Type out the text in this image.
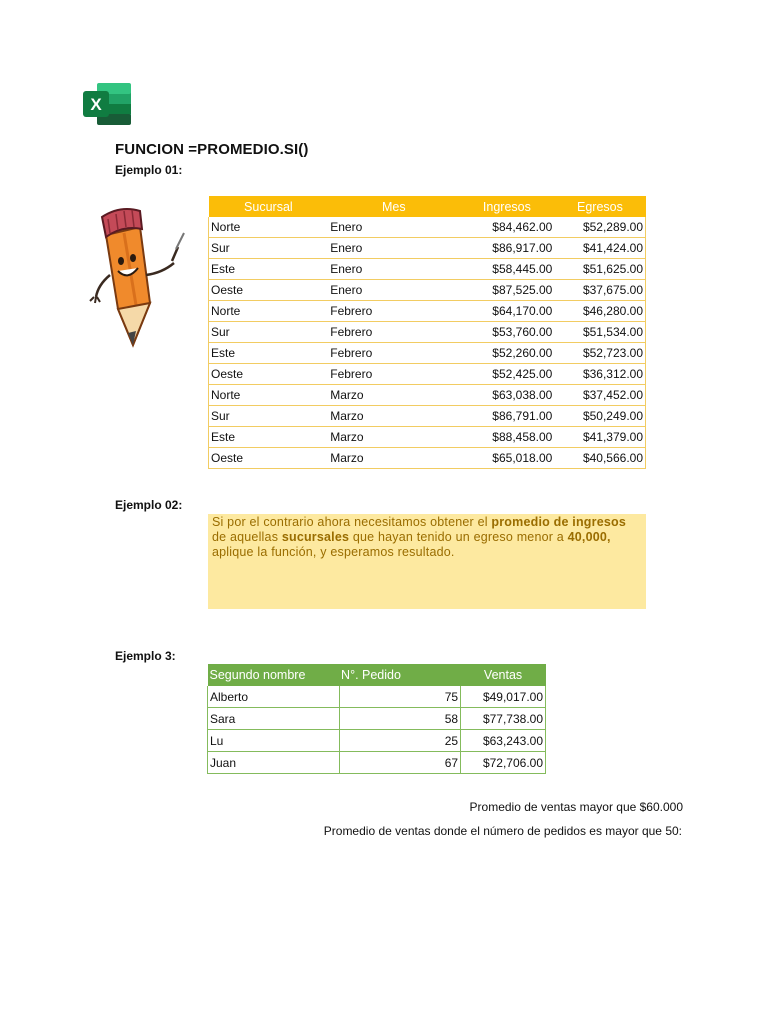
X
FUNCION =PROMEDIO.SI()
Ejemplo 01:
Sucursal	Mes	Ingresos	Egresos
Norte	Enero	$84,462.00	$52,289.00
Sur	Enero	$86,917.00	$41,424.00
Este	Enero	$58,445.00	$51,625.00
Oeste	Enero	$87,525.00	$37,675.00
Norte	Febrero	$64,170.00	$46,280.00
Sur	Febrero	$53,760.00	$51,534.00
Este	Febrero	$52,260.00	$52,723.00
Oeste	Febrero	$52,425.00	$36,312.00
Norte	Marzo	$63,038.00	$37,452.00
Sur	Marzo	$86,791.00	$50,249.00
Este	Marzo	$88,458.00	$41,379.00
Oeste	Marzo	$65,018.00	$40,566.00
Ejemplo 02:
Si por el contrario ahora necesitamos obtener el promedio de ingresos de aquellas sucursales que hayan tenido un egreso menor a 40,000, aplique la función, y esperamos resultado.
Ejemplo 3:
Segundo nombre	N°. Pedido	Ventas
Alberto	75	$49,017.00
Sara	58	$77,738.00
Lu	25	$63,243.00
Juan	67	$72,706.00
Promedio de ventas mayor que $60.000
Promedio de ventas donde el número de pedidos es mayor que 50:
